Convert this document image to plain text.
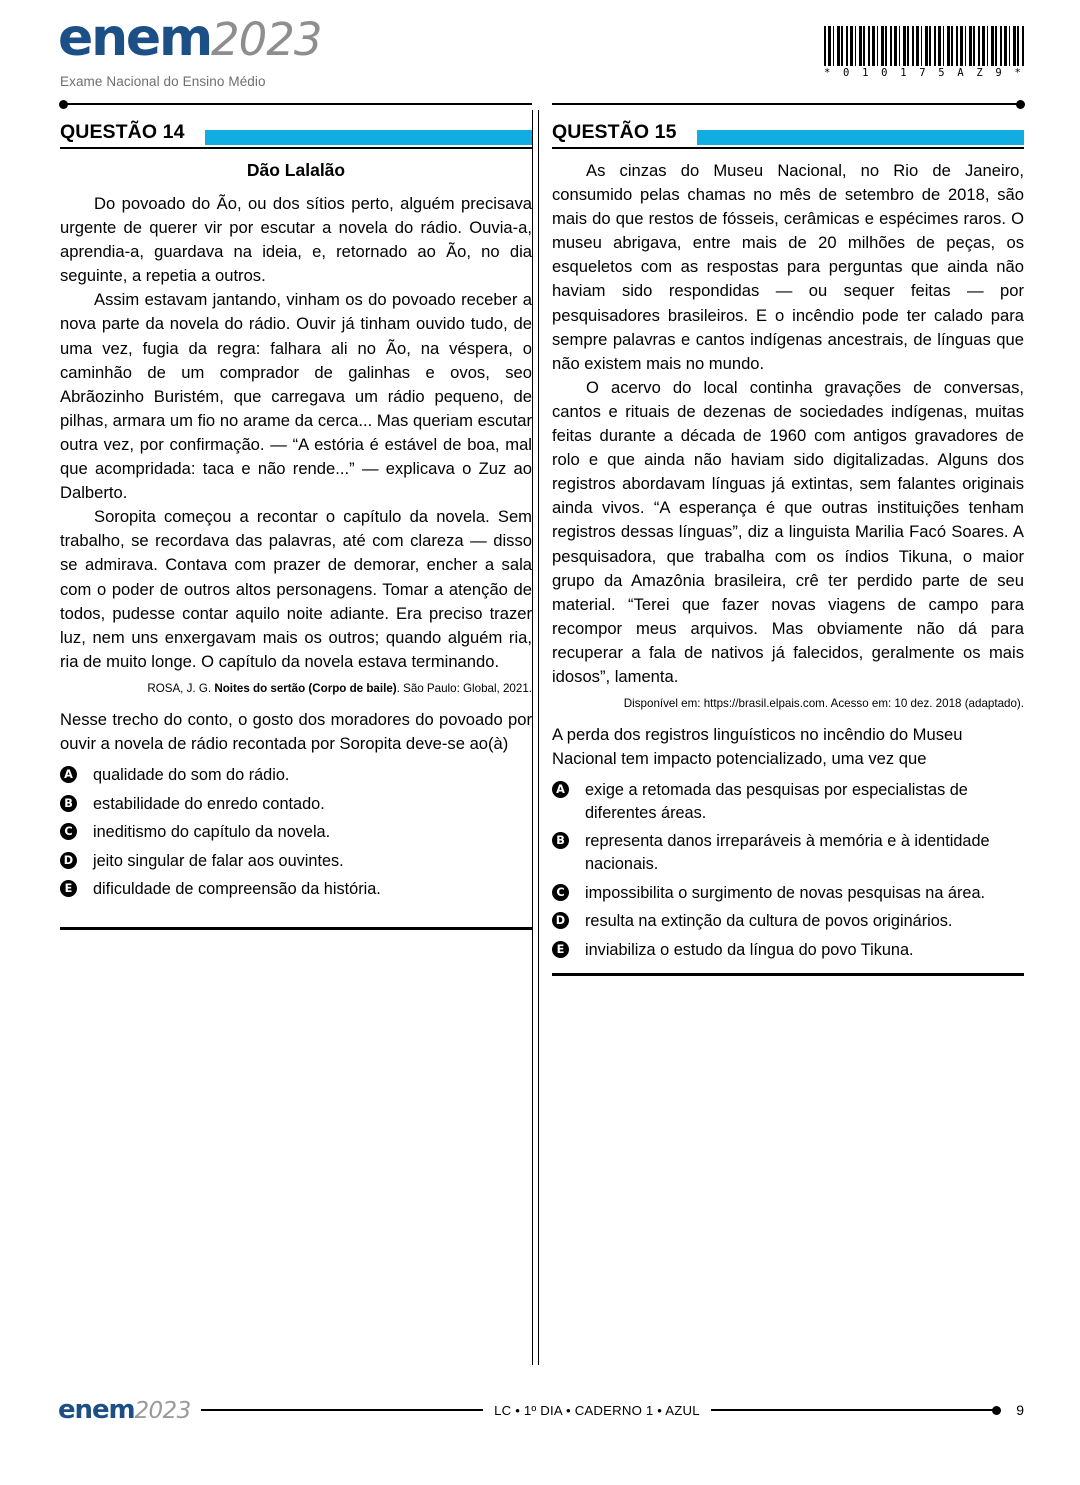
enem2023
Exame Nacional do Ensino Médio
* 0 1 0 1 7 5 A Z 9 *
QUESTÃO 14
Dão Lalalão

Do povoado do Ão, ou dos sítios perto, alguém precisava urgente de querer vir por escutar a novela do rádio. Ouvia-a, aprendia-a, guardava na ideia, e, retornado ao Ão, no dia seguinte, a repetia a outros.

Assim estavam jantando, vinham os do povoado receber a nova parte da novela do rádio. Ouvir já tinham ouvido tudo, de uma vez, fugia da regra: falhara ali no Ão, na véspera, o caminhão de um comprador de galinhas e ovos, seo Abrãozinho Buristém, que carregava um rádio pequeno, de pilhas, armara um fio no arame da cerca... Mas queriam escutar outra vez, por confirmação. — “A estória é estável de boa, mal que acompridada: taca e não rende...” — explicava o Zuz ao Dalberto.

Soropita começou a recontar o capítulo da novela. Sem trabalho, se recordava das palavras, até com clareza — disso se admirava. Contava com prazer de demorar, encher a sala com o poder de outros altos personagens. Tomar a atenção de todos, pudesse contar aquilo noite adiante. Era preciso trazer luz, nem uns enxergavam mais os outros; quando alguém ria, ria de muito longe. O capítulo da novela estava terminando.

ROSA, J. G. Noites do sertão (Corpo de baile). São Paulo: Global, 2021.

Nesse trecho do conto, o gosto dos moradores do povoado por ouvir a novela de rádio recontada por Soropita deve-se ao(à)

A qualidade do som do rádio.
B estabilidade do enredo contado.
C ineditismo do capítulo da novela.
D jeito singular de falar aos ouvintes.
E dificuldade de compreensão da história.
QUESTÃO 15

As cinzas do Museu Nacional, no Rio de Janeiro, consumido pelas chamas no mês de setembro de 2018, são mais do que restos de fósseis, cerâmicas e espécimes raros. O museu abrigava, entre mais de 20 milhões de peças, os esqueletos com as respostas para perguntas que ainda não haviam sido respondidas — ou sequer feitas — por pesquisadores brasileiros. E o incêndio pode ter calado para sempre palavras e cantos indígenas ancestrais, de línguas que não existem mais no mundo.

O acervo do local continha gravações de conversas, cantos e rituais de dezenas de sociedades indígenas, muitas feitas durante a década de 1960 com antigos gravadores de rolo e que ainda não haviam sido digitalizadas. Alguns dos registros abordavam línguas já extintas, sem falantes originais ainda vivos. “A esperança é que outras instituições tenham registros dessas línguas”, diz a linguista Marilia Facó Soares. A pesquisadora, que trabalha com os índios Tikuna, o maior grupo da Amazônia brasileira, crê ter perdido parte de seu material. “Terei que fazer novas viagens de campo para recompor meus arquivos. Mas obviamente não dá para recuperar a fala de nativos já falecidos, geralmente os mais idosos”, lamenta.

Disponível em: https://brasil.elpais.com. Acesso em: 10 dez. 2018 (adaptado).

A perda dos registros linguísticos no incêndio do Museu Nacional tem impacto potencializado, uma vez que

A exige a retomada das pesquisas por especialistas de diferentes áreas.
B representa danos irreparáveis à memória e à identidade nacionais.
C impossibilita o surgimento de novas pesquisas na área.
D resulta na extinção da cultura de povos originários.
E inviabiliza o estudo da língua do povo Tikuna.
enem2023	LC • 1º DIA • CADERNO 1 • AZUL	9
